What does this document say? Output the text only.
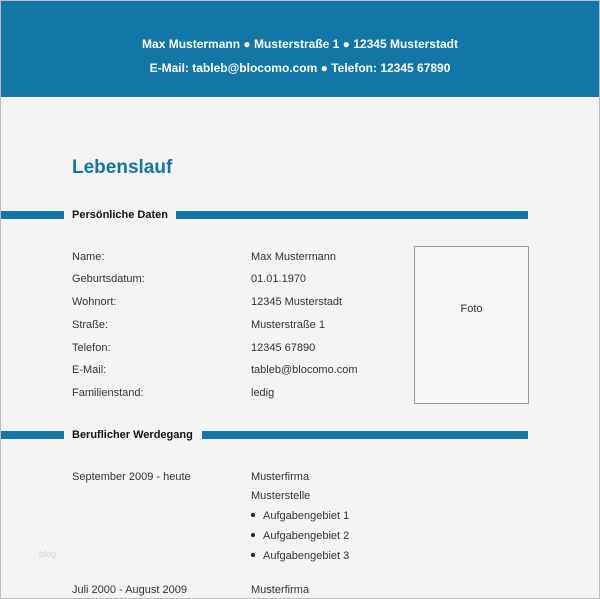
Max Mustermann ● Musterstraße 1 ● 12345 Musterstadt
E-Mail: tableb@blocomo.com ● Telefon: 12345 67890
Lebenslauf
Persönliche Daten
Name:	Max Mustermann
Geburtsdatum:	01.01.1970
Wohnort:	12345 Musterstadt
Straße:	Musterstraße 1
Telefon:	12345 67890
E-Mail:	tableb@blocomo.com
Familienstand:	ledig
Foto
Beruflicher Werdegang
September 2009 - heute	Musterfirma
Musterstelle
Aufgabengebiet 1
Aufgabengebiet 2
Aufgabengebiet 3
Juli 2000 - August 2009	Musterfirma
blog
